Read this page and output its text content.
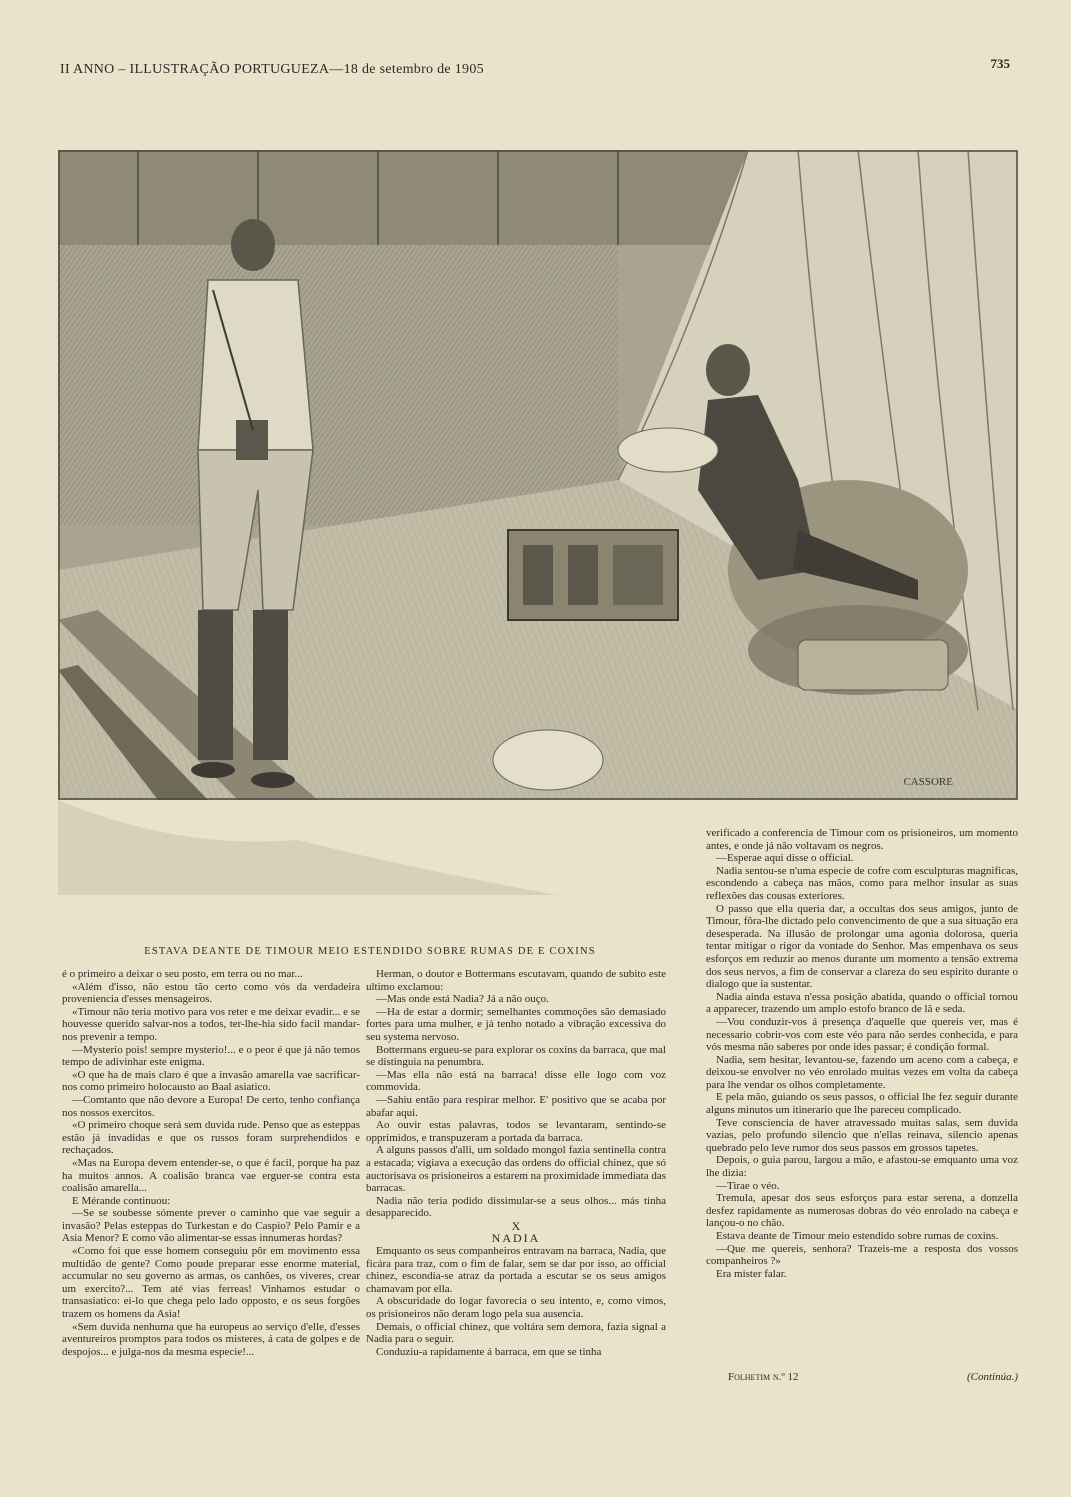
II ANNO – ILLUSTRAÇÃO PORTUGUEZA—18 de setembro de 1905	735
CASSORE
ESTAVA DEANTE DE TIMOUR MEIO ESTENDIDO SOBRE RUMAS DE E COXINS

é o primeiro a deixar o seu posto, em terra ou no mar...

«Além d'isso, não estou tão certo como vós da verdadeira proveniencia d'esses mensageiros.

«Timour não teria motivo para vos reter e me deixar evadir... e se houvesse querido salvar-nos a todos, ter-lhe-hia sido facil mandar-nos prevenir a tempo.

—Mysterio pois! sempre mysterio!... e o peor é que já não temos tempo de adivinhar este enigma.

«O que ha de mais claro é que a invasão amarella vae sacrificar-nos como primeiro holocausto ao Baal asiatico.

—Comtanto que não devore a Europa! De certo, tenho confiança nos nossos exercitos.

«O primeiro choque será sem duvida rude. Penso que as esteppas estão já invadidas e que os russos foram surprehendidos e rechaçados.

«Mas na Europa devem entender-se, o que é facil, porque ha paz ha muitos annos. A coalisão branca vae erguer-se contra esta coalisão amarella...

E Mérande continuou:

—Se se soubesse sómente prever o caminho que vae seguir a invasão? Pelas esteppas do Turkestan e do Caspio? Pelo Pamir e a Asia Menor? E como vão alimentar-se essas innumeras hordas?

«Como foi que esse homem conseguiu pôr em movimento essa multidão de gente? Como poude preparar esse enorme material, accumular no seu governo as armas, os canhões, os viveres, crear um exercito?... Tem até vias ferreas! Vinhamos estudar o transasiatico: ei-lo que chega pelo lado opposto, e os seus forgões trazem os homens da Asia!

«Sem duvida nenhuma que ha europeus ao serviço d'elle, d'esses aventureiros promptos para todos os misteres, á cata de golpes e de despojos... e julga-nos da mesma especie!...

Herman, o doutor e Bottermans escutavam, quando de subito este ultimo exclamou:

—Mas onde está Nadia? Já a não ouço.

—Ha de estar a dormir; semelhantes commoções são demasiado fortes para uma mulher, e já tenho notado a vibração excessiva do seu systema nervoso.

Bottermans ergueu-se para explorar os coxins da barraca, que mal se distinguia na penumbra.

—Mas ella não está na barraca! disse elle logo com voz commovida.

—Sahiu então para respirar melhor. E' positivo que se acaba por abafar aqui.

Ao ouvir estas palavras, todos se levantaram, sentindo-se opprimidos, e transpuzeram a portada da barraca.

A alguns passos d'alli, um soldado mongol fazia sentinella contra a estacada; vigiava a execução das ordens do official chinez, que só auctorisava os prisioneiros a estarem na proximidade immediata das barracas.

Nadia não teria podido dissimular-se a seus olhos... más tinha desapparecido.

X

NADIA

Emquanto os seus companheiros entravam na barraca, Nadia, que ficára para traz, com o fim de falar, sem se dar por isso, ao official chinez, escondia-se atraz da portada a escutar se os seus amigos chamavam por ella.

A obscuridade do logar favorecia o seu intento, e, como vimos, os prisioneiros não deram logo pela sua ausencia.

Demais, o official chinez, que voltára sem demora, fazia signal a Nadia para o seguir.

Conduziu-a rapidamente á barraca, em que se tinha

verificado a conferencia de Timour com os prisioneiros, um momento antes, e onde já não voltavam os negros.

—Esperae aqui disse o official.

Nadia sentou-se n'uma especie de cofre com esculpturas magnificas, escondendo a cabeça nas mãos, como para melhor insular as suas reflexões das cousas exteriores.

O passo que ella queria dar, a occultas dos seus amigos, junto de Timour, fôra-lhe dictado pelo convencimento de que a sua situação era desesperada. Na illusão de prolongar uma agonia dolorosa, queria tentar mitigar o rigor da vontade do Senhor. Mas empenhava os seus esforços em reduzir ao menos durante um momento a tensão extrema dos seus nervos, a fim de conservar a clareza do seu espirito durante o dialogo que ia sustentar.

Nadia ainda estava n'essa posição abatida, quando o official tornou a apparecer, trazendo um amplo estofo branco de lã e seda.

—Vou conduzir-vos á presença d'aquelle que quereis ver, mas é necessario cobrir-vos com este véo para não serdes conhecida, e para vós mesma não saberes por onde ides passar; é condição formal.

Nadia, sem hesitar, levantou-se, fazendo um aceno com a cabeça, e deixou-se envolver no véo enrolado muitas vezes em volta da cabeça para lhe vendar os olhos completamente.

E pela mão, guiando os seus passos, o official lhe fez seguir durante alguns minutos um itinerario que lhe pareceu complicado.

Teve consciencia de haver atravessado muitas salas, sem duvida vazias, pelo profundo silencio que n'ellas reinava, silencio apenas quebrado pelo leve rumor dos seus passos em grossos tapetes.

Depois, o guia parou, largou a mão, e afastou-se emquanto uma voz lhe dizia:

—Tirae o véo.

Tremula, apesar dos seus esforços para estar serena, a donzella desfez rapidamente as numerosas dobras do véo enrolado na cabeça e lançou-o no chão.

Estava deante de Timour meio estendido sobre rumas de coxins.

—Que me quereis, senhora? Trazeis-me a resposta dos vossos companheiros ?»

Era mister falar.

Folhetim n.º 12	(Continúa.)
